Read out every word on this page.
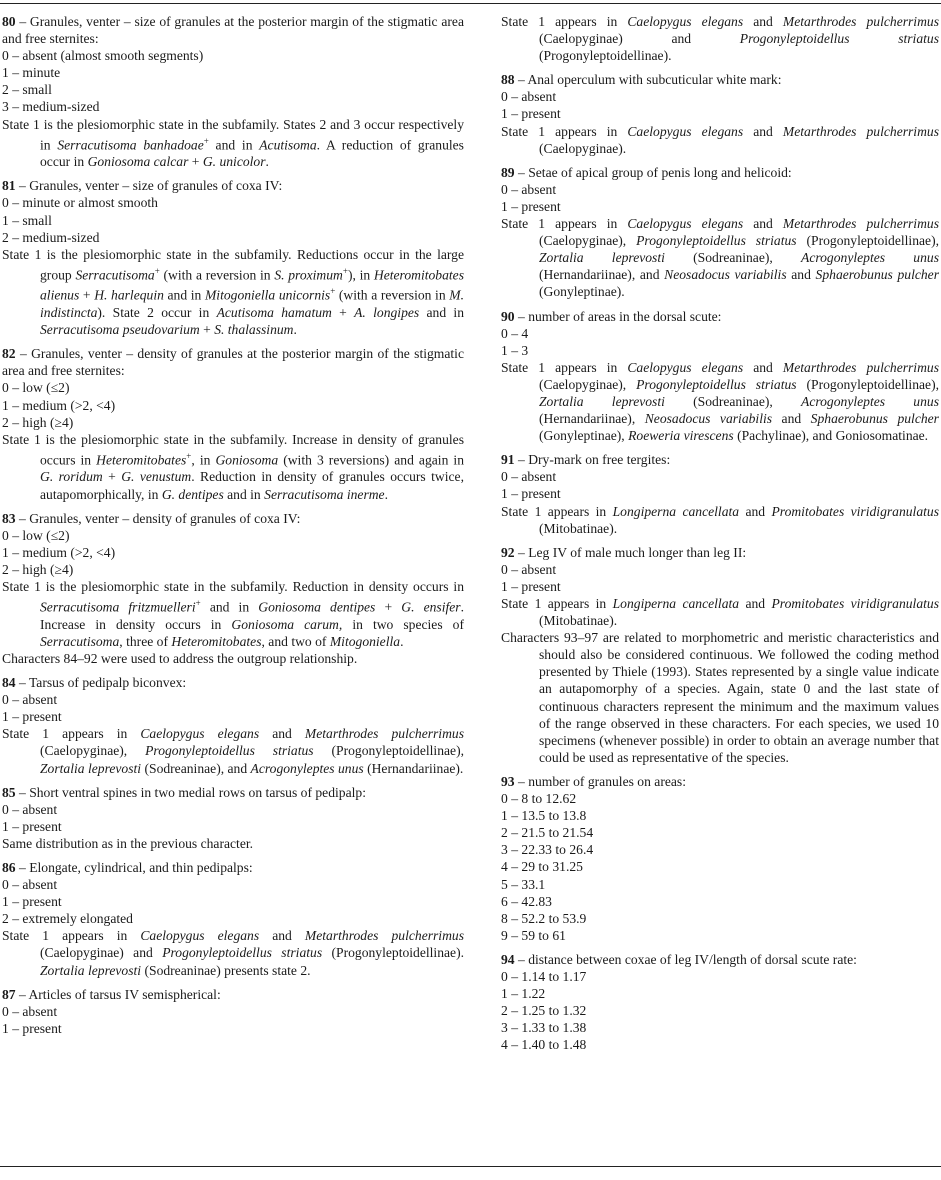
80 – Granules, venter – size of granules at the posterior margin of the stigmatic area and free sternites:

0 – absent (almost smooth segments)
1 – minute
2 – small
3 – medium-sized

State 1 is the plesiomorphic state in the subfamily. States 2 and 3 occur respectively in Serracutisoma banhadoae+ and in Acutisoma. A reduction of granules occur in Goniosoma calcar + G. unicolor.

81 – Granules, venter – size of granules of coxa IV:

0 – minute or almost smooth
1 – small
2 – medium-sized

State 1 is the plesiomorphic state in the subfamily. Reductions occur in the large group Serracutisoma+ (with a reversion in S. proximum+), in Heteromitobates alienus + H. harlequin and in Mitogoniella unicornis+ (with a reversion in M. indistincta). State 2 occur in Acutisoma hamatum + A. longipes and in Serracutisoma pseudovarium + S. thalassinum.

82 – Granules, venter – density of granules at the posterior margin of the stigmatic area and free sternites:

0 – low (≤2)
1 – medium (>2, <4)
2 – high (≥4)

State 1 is the plesiomorphic state in the subfamily. Increase in density of granules occurs in Heteromitobates+, in Goniosoma (with 3 reversions) and again in G. roridum + G. venustum. Reduction in density of granules occurs twice, autapomorphically, in G. dentipes and in Serracutisoma inerme.

83 – Granules, venter – density of granules of coxa IV:

0 – low (≤2)
1 – medium (>2, <4)
2 – high (≥4)

State 1 is the plesiomorphic state in the subfamily. Reduction in density occurs in Serracutisoma fritzmuelleri+ and in Goniosoma dentipes + G. ensifer. Increase in density occurs in Goniosoma carum, in two species of Serracutisoma, three of Heteromitobates, and two of Mitogoniella.

Characters 84–92 were used to address the outgroup relationship.

84 – Tarsus of pedipalp biconvex:

0 – absent
1 – present

State 1 appears in Caelopygus elegans and Metarthrodes pulcherrimus (Caelopyginae), Progonyleptoidellus striatus (Progonyleptoidellinae), Zortalia leprevosti (Sodreaninae), and Acrogonyleptes unus (Hernandariinae).

85 – Short ventral spines in two medial rows on tarsus of pedipalp:

0 – absent
1 – present

Same distribution as in the previous character.

86 – Elongate, cylindrical, and thin pedipalps:

0 – absent
1 – present
2 – extremely elongated

State 1 appears in Caelopygus elegans and Metarthrodes pulcherrimus (Caelopyginae) and Progonyleptoidellus striatus (Progonyleptoidellinae). Zortalia leprevosti (Sodreaninae) presents state 2.

87 – Articles of tarsus IV semispherical:

0 – absent
1 – present

State 1 appears in Caelopygus elegans and Metarthrodes pulcherrimus (Caelopyginae) and Progonyleptoidellus striatus (Progonyleptoidellinae).

88 – Anal operculum with subcuticular white mark:

0 – absent
1 – present

State 1 appears in Caelopygus elegans and Metarthrodes pulcherrimus (Caelopyginae).

89 – Setae of apical group of penis long and helicoid:

0 – absent
1 – present

State 1 appears in Caelopygus elegans and Metarthrodes pulcherrimus (Caelopyginae), Progonyleptoidellus striatus (Progonyleptoidellinae), Zortalia leprevosti (Sodreaninae), Acrogonyleptes unus (Hernandariinae), and Neosadocus variabilis and Sphaerobunus pulcher (Gonyleptinae).

90 – number of areas in the dorsal scute:

0 – 4
1 – 3

State 1 appears in Caelopygus elegans and Metarthrodes pulcherrimus (Caelopyginae), Progonyleptoidellus striatus (Progonyleptoidellinae), Zortalia leprevosti (Sodreaninae), Acrogonyleptes unus (Hernandariinae), Neosadocus variabilis and Sphaerobunus pulcher (Gonyleptinae), Roeweria virescens (Pachylinae), and Goniosomatinae.

91 – Dry-mark on free tergites:

0 – absent
1 – present

State 1 appears in Longiperna cancellata and Promitobates viridigranulatus (Mitobatinae).

92 – Leg IV of male much longer than leg II:

0 – absent
1 – present

State 1 appears in Longiperna cancellata and Promitobates viridigranulatus (Mitobatinae).

Characters 93–97 are related to morphometric and meristic characteristics and should also be considered continuous. We followed the coding method presented by Thiele (1993). States represented by a single value indicate an autapomorphy of a species. Again, state 0 and the last state of continuous characters represent the minimum and the maximum values of the range observed in these characters. For each species, we used 10 specimens (whenever possible) in order to obtain an average number that could be used as representative of the species.

93 – number of granules on areas:

0 – 8 to 12.62
1 – 13.5 to 13.8
2 – 21.5 to 21.54
3 – 22.33 to 26.4
4 – 29 to 31.25
5 – 33.1
6 – 42.83
8 – 52.2 to 53.9
9 – 59 to 61

94 – distance between coxae of leg IV/length of dorsal scute rate:

0 – 1.14 to 1.17
1 – 1.22
2 – 1.25 to 1.32
3 – 1.33 to 1.38
4 – 1.40 to 1.48
